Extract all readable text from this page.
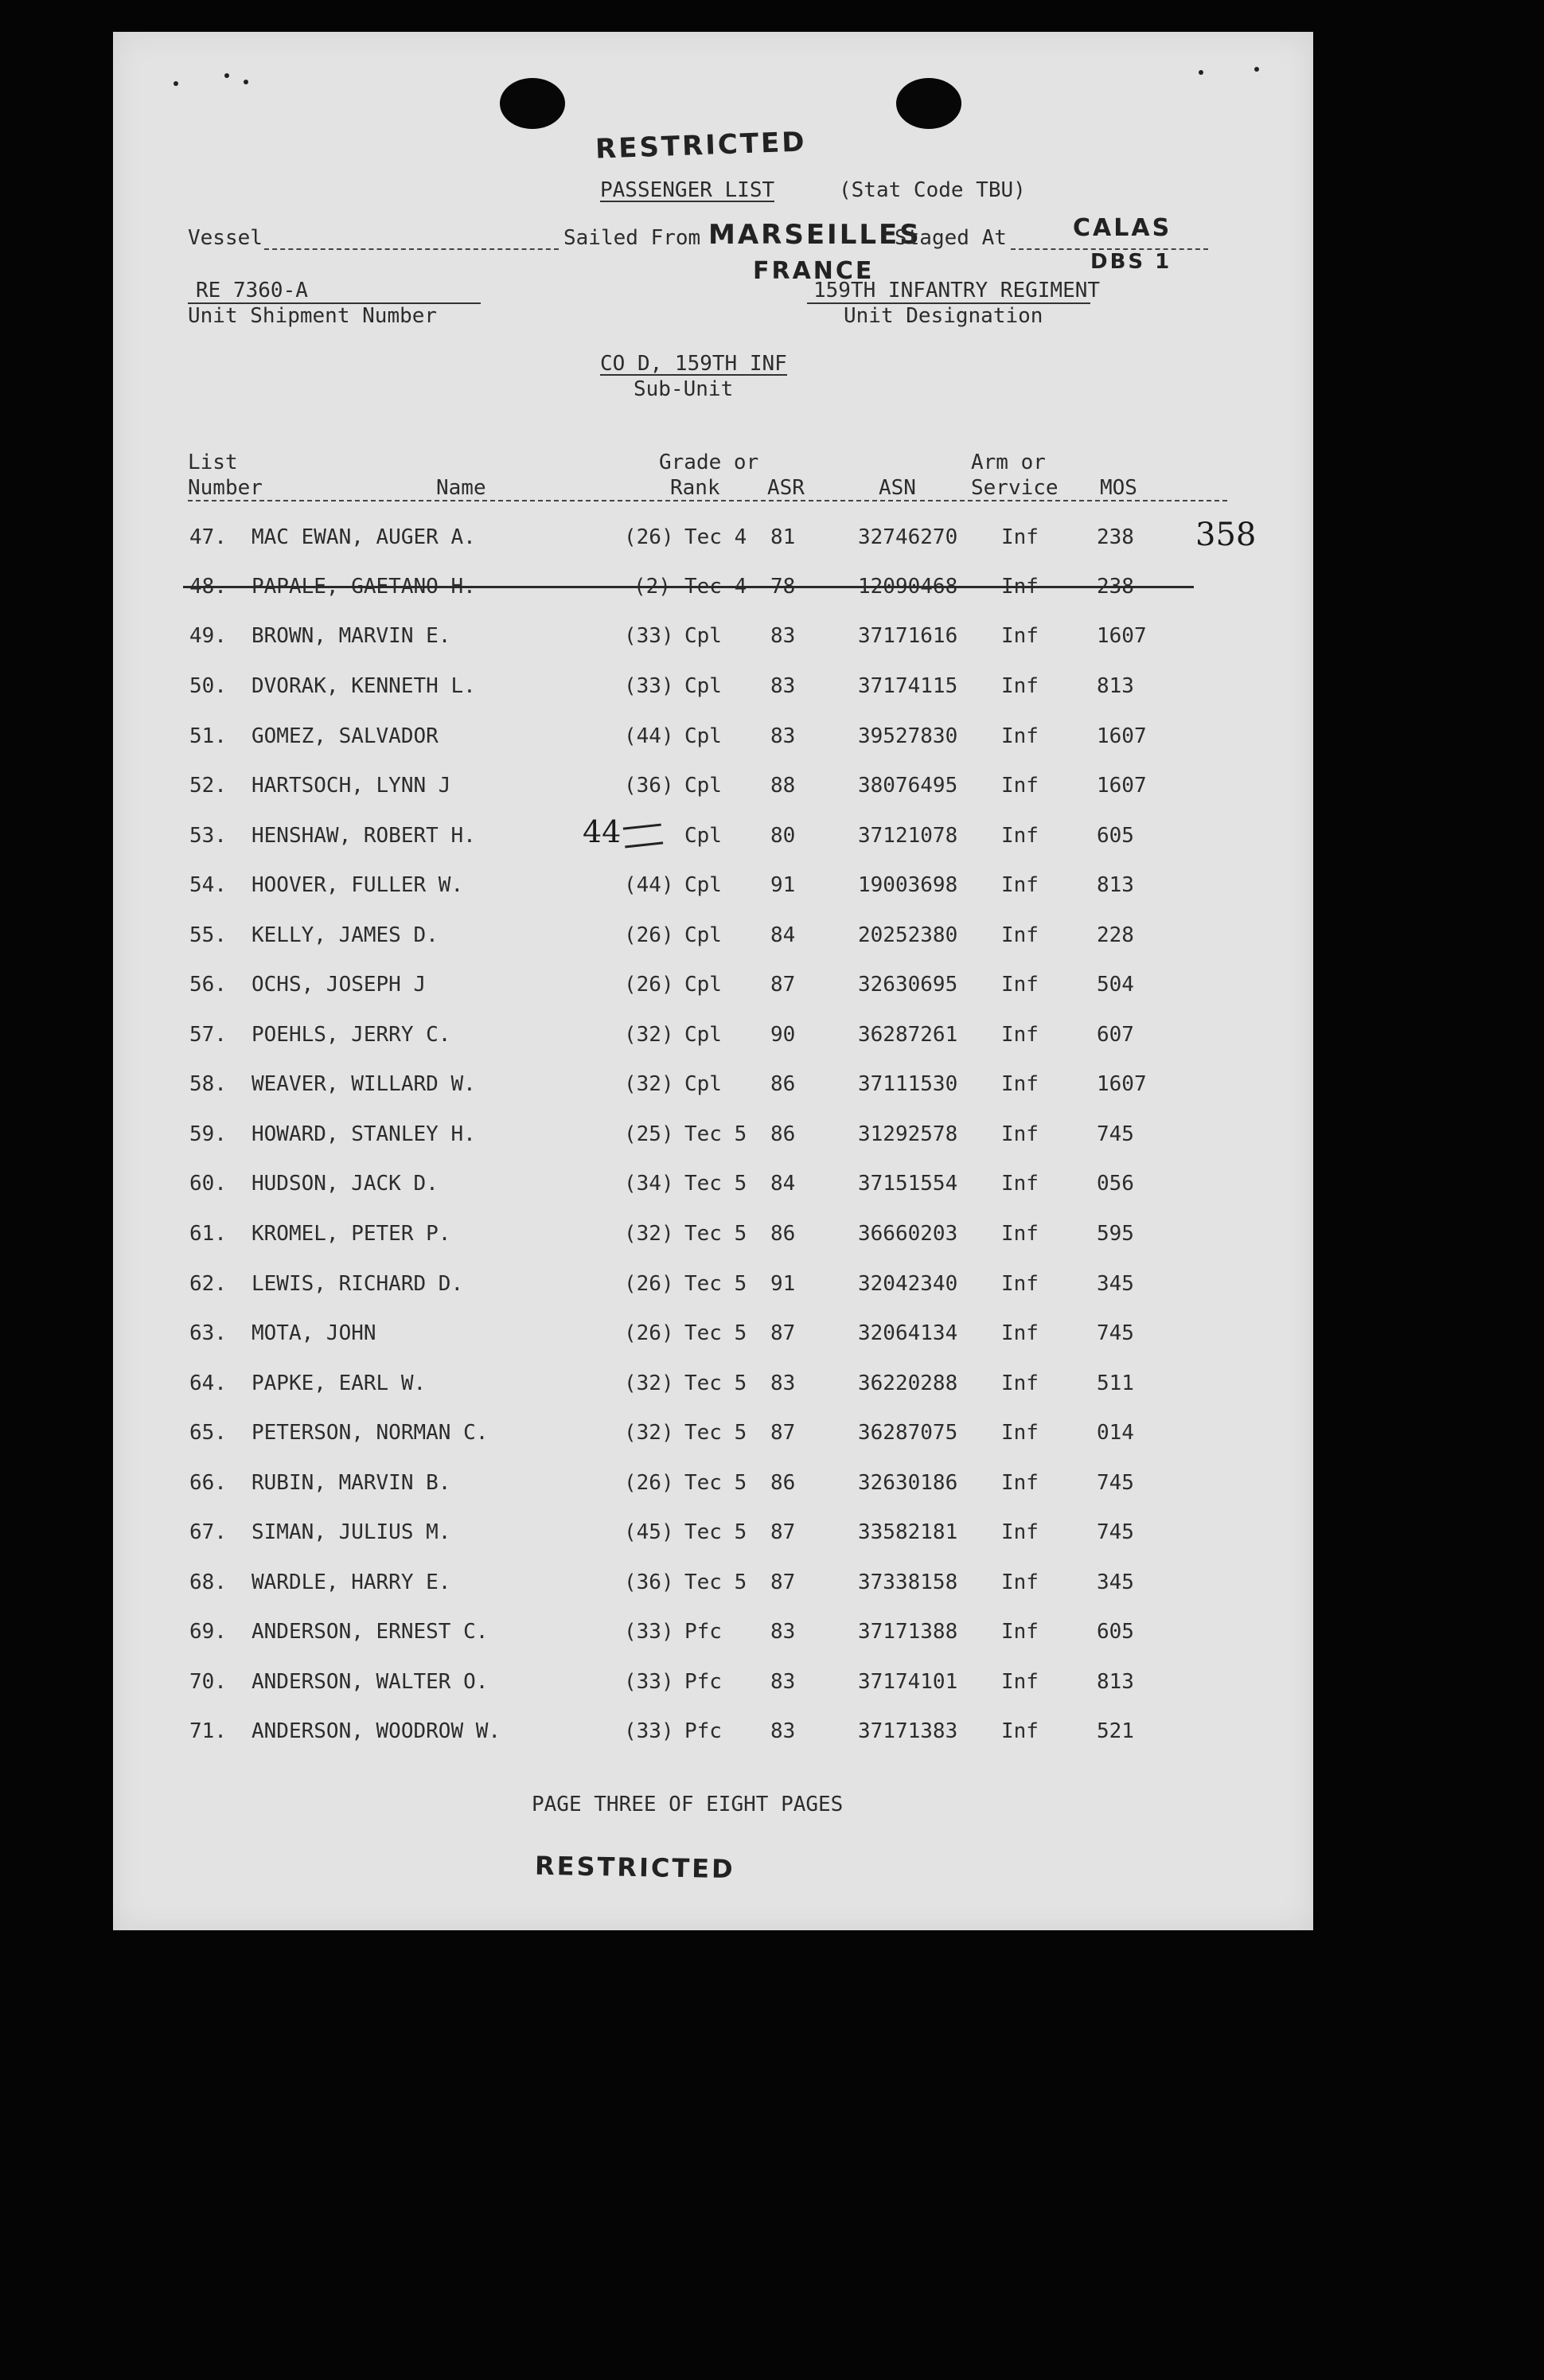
RESTRICTED
PASSENGER LIST	(Stat Code TBU)
Vessel	Sailed From MARSEILLES
FRANCE
Staged At	CALAS
DBS 1
RE 7360-A
Unit Shipment Number
159TH INFANTRY REGIMENT
Unit Designation
CO D, 159TH INF
Sub-Unit
List
Number	Name
Grade or
Rank ASR	ASN
Arm or
Service MOS
358
47. MAC EWAN, AUGER A.	(26) Tec 4 81	32746270 Inf	238
48. PAPALE, GAETANO H.	(2) Tec 4 78	12090468 Inf	238
49. BROWN, MARVIN E.	(33) Cpl 83	37171616 Inf	1607
50. DVORAK, KENNETH L.	(33) Cpl 83	37174115 Inf	813
51. GOMEZ, SALVADOR	(44) Cpl 83	39527830 Inf	1607
52. HARTSOCH, LYNN J	(36) Cpl 88	38076495 Inf	1607
53. HENSHAW, ROBERT H.	44	Cpl 80	37121078 Inf	605
54. HOOVER, FULLER W.	(44) Cpl 91	19003698 Inf	813
55. KELLY, JAMES D.	(26) Cpl 84	20252380 Inf	228
56. OCHS, JOSEPH J	(26) Cpl 87	32630695 Inf	504
57. POEHLS, JERRY C.	(32) Cpl 90	36287261 Inf	607
58. WEAVER, WILLARD W.	(32) Cpl 86	37111530 Inf	1607
59. HOWARD, STANLEY H.	(25) Tec 5 86	31292578 Inf	745
60. HUDSON, JACK D.	(34) Tec 5 84	37151554 Inf	056
61. KROMEL, PETER P.	(32) Tec 5 86	36660203 Inf	595
62. LEWIS, RICHARD D.	(26) Tec 5 91	32042340 Inf	345
63. MOTA, JOHN	(26) Tec 5 87	32064134 Inf	745
64. PAPKE, EARL W.	(32) Tec 5 83	36220288 Inf	511
65. PETERSON, NORMAN C.	(32) Tec 5 87	36287075 Inf	014
66. RUBIN, MARVIN B.	(26) Tec 5 86	32630186 Inf	745
67. SIMAN, JULIUS M.	(45) Tec 5 87	33582181 Inf	745
68. WARDLE, HARRY E.	(36) Tec 5 87	37338158 Inf	345
69. ANDERSON, ERNEST C.	(33) Pfc 83	37171388 Inf	605
70. ANDERSON, WALTER O.	(33) Pfc 83	37174101 Inf	813
71. ANDERSON, WOODROW W.	(33) Pfc 83	37171383 Inf	521
PAGE THREE OF EIGHT PAGES
RESTRICTED
